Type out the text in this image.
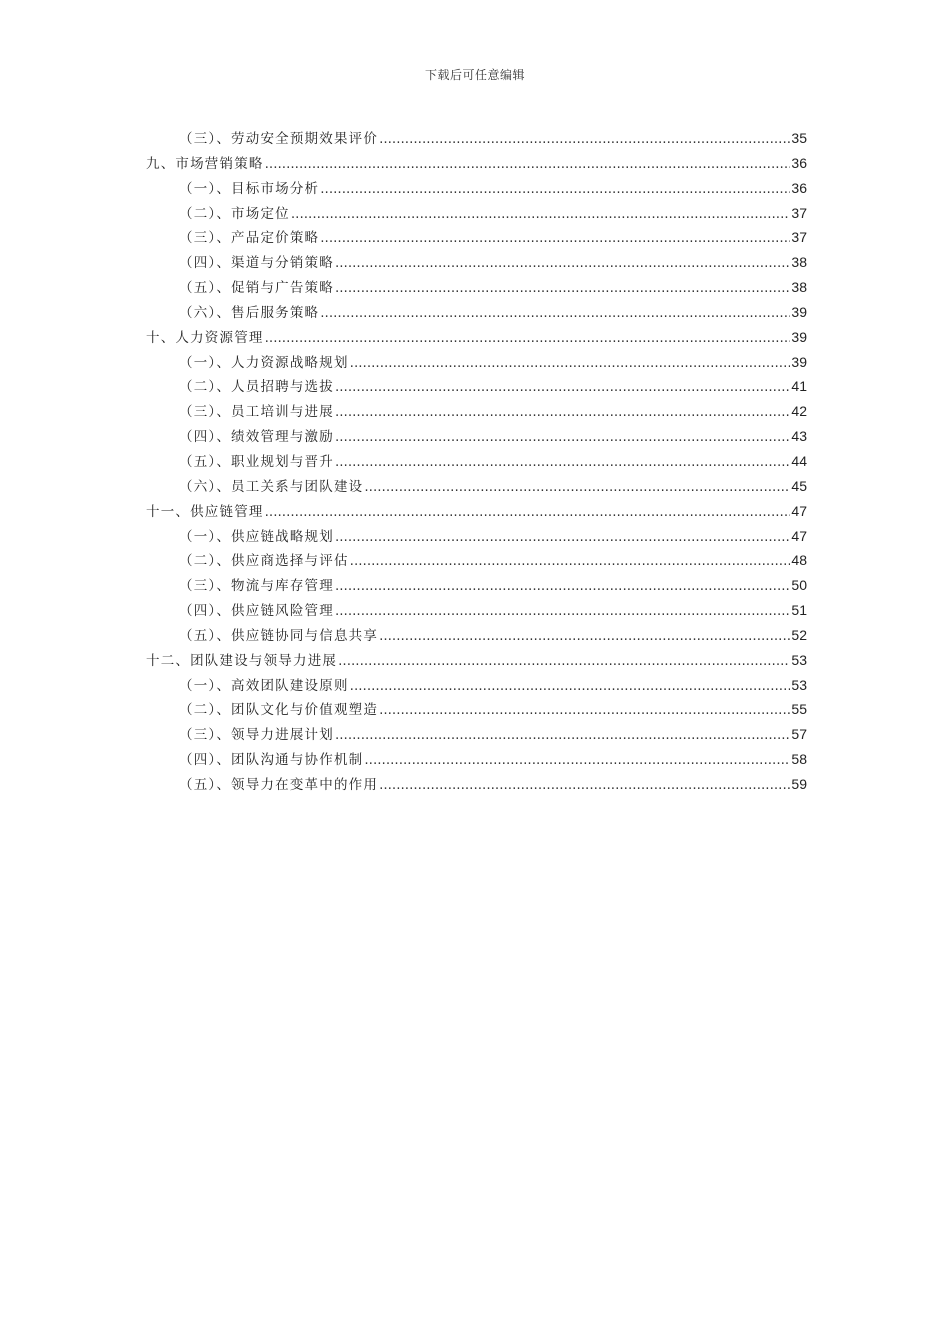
下载后可任意编辑
（三）、劳动安全预期效果评价 .....	35
九、市场营销策略 .....	36
（一）、目标市场分析 .....	36
（二）、市场定位 .....	37
（三）、产品定价策略 .....	37
（四）、渠道与分销策略 .....	38
（五）、促销与广告策略 .....	38
（六）、售后服务策略 .....	39
十、人力资源管理 .....	39
（一）、人力资源战略规划 .....	39
（二）、人员招聘与选拔 .....	41
（三）、员工培训与进展 .....	42
（四）、绩效管理与激励 .....	43
（五）、职业规划与晋升 .....	44
（六）、员工关系与团队建设 .....	45
十一、供应链管理 .....	47
（一）、供应链战略规划 .....	47
（二）、供应商选择与评估 .....	48
（三）、物流与库存管理 .....	50
（四）、供应链风险管理 .....	51
（五）、供应链协同与信息共享 .....	52
十二、团队建设与领导力进展 .....	53
（一）、高效团队建设原则 .....	53
（二）、团队文化与价值观塑造 .....	55
（三）、领导力进展计划 .....	57
（四）、团队沟通与协作机制 .....	58
（五）、领导力在变革中的作用 .....	59
